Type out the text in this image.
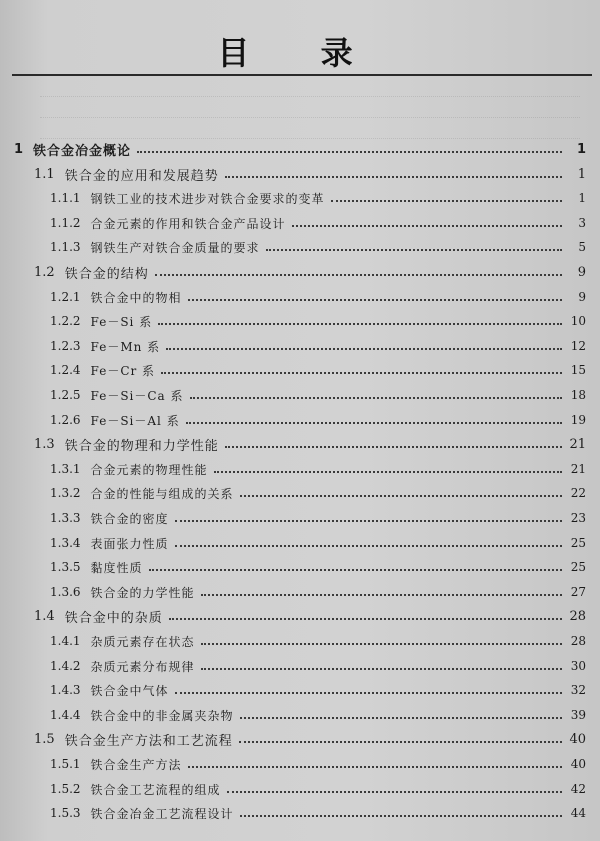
目 录
1 铁合金冶金概论	1
1.1 铁合金的应用和发展趋势	1
1.1.1 钢铁工业的技术进步对铁合金要求的变革	1
1.1.2 合金元素的作用和铁合金产品设计	3
1.1.3 钢铁生产对铁合金质量的要求	5
1.2 铁合金的结构	9
1.2.1 铁合金中的物相	9
1.2.2 Fe－Si 系	10
1.2.3 Fe－Mn 系	12
1.2.4 Fe－Cr 系	15
1.2.5 Fe－Si－Ca 系	18
1.2.6 Fe－Si－Al 系	19
1.3 铁合金的物理和力学性能	21
1.3.1 合金元素的物理性能	21
1.3.2 合金的性能与组成的关系	22
1.3.3 铁合金的密度	23
1.3.4 表面张力性质	25
1.3.5 黏度性质	25
1.3.6 铁合金的力学性能	27
1.4 铁合金中的杂质	28
1.4.1 杂质元素存在状态	28
1.4.2 杂质元素分布规律	30
1.4.3 铁合金中气体	32
1.4.4 铁合金中的非金属夹杂物	39
1.5 铁合金生产方法和工艺流程	40
1.5.1 铁合金生产方法	40
1.5.2 铁合金工艺流程的组成	42
1.5.3 铁合金冶金工艺流程设计	44
